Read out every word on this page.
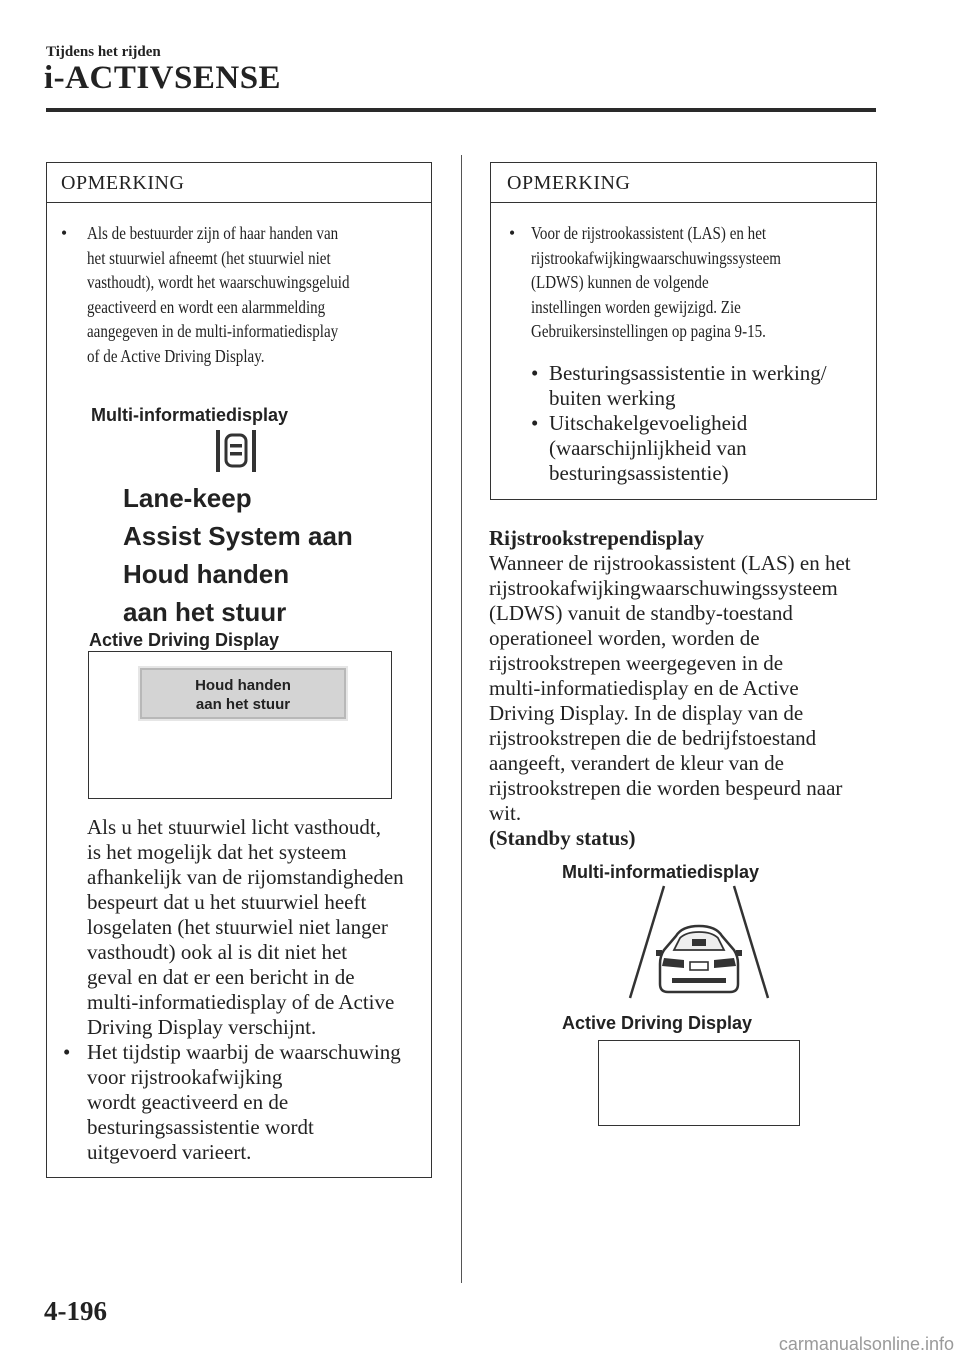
Tijdens het rijden
i-ACTIVSENSE
OPMERKING
• Als de bestuurder zijn of haar handen van
het stuurwiel afneemt (het stuurwiel niet
vasthoudt), wordt het waarschuwingsgeluid
geactiveerd en wordt een alarmmelding
aangegeven in de multi-informatiedisplay
of de Active Driving Display.
Multi-informatiedisplay
Lane-keep
Assist System aan
Houd handen
aan het stuur
Active Driving Display
Houd handen
aan het stuur
Als u het stuurwiel licht vasthoudt,
is het mogelijk dat het systeem
afhankelijk van de rijomstandigheden
bespeurt dat u het stuurwiel heeft
losgelaten (het stuurwiel niet langer
vasthoudt) ook al is dit niet het
geval en dat er een bericht in de
multi-informatiedisplay of de Active
Driving Display verschijnt.
• Het tijdstip waarbij de waarschuwing
voor rijstrookafwijking
wordt geactiveerd en de
besturingsassistentie wordt
uitgevoerd varieert.
OPMERKING
• Voor de rijstrookassistent (LAS) en het
rijstrookafwijkingwaarschuwingssysteem
(LDWS) kunnen de volgende
instellingen worden gewijzigd. Zie
Gebruikersinstellingen op pagina 9-15.
• Besturingsassistentie in werking/
buiten werking
• Uitschakelgevoeligheid
(waarschijnlijkheid van
besturingsassistentie)
Rijstrookstrependisplay
Wanneer de rijstrookassistent (LAS) en het
rijstrookafwijkingwaarschuwingssysteem
(LDWS) vanuit de standby-toestand
operationeel worden, worden de
rijstrookstrepen weergegeven in de
multi-informatiedisplay en de Active
Driving Display. In de display van de
rijstrookstrepen die de bedrijfstoestand
aangeeft, verandert de kleur van de
rijstrookstrepen die worden bespeurd naar
wit.
(Standby status)
Multi-informatiedisplay
Active Driving Display
4-196
carmanualsonline.info
